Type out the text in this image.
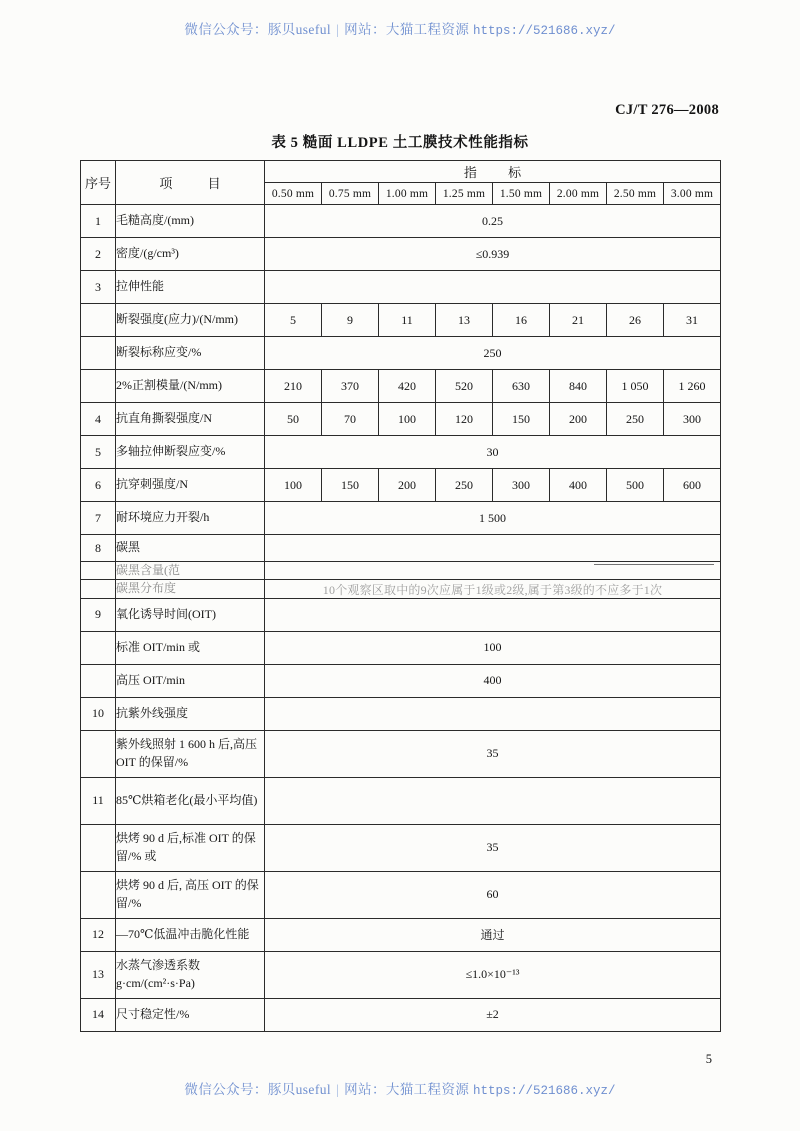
微信公众号：豚贝useful | 网站：大猫工程资源 https://521686.xyz/
CJ/T 276—2008
表 5 糙面 LLDPE 土工膜技术性能指标
序号	项 目	指 标							
		0.50 mm	0.75 mm	1.00 mm	1.25 mm	1.50 mm	2.00 mm	2.50 mm	3.00 mm
1	毛糙高度/(mm)	0.25							
2	密度/(g/cm³)	≤0.939							
3	拉伸性能								
	断裂强度(应力)/(N/mm)	5	9	11	13	16	21	26	31
	断裂标称应变/%	250							
	2%正割模量/(N/mm)	210	370	420	520	630	840	1 050	1 260
4	抗直角撕裂强度/N	50	70	100	120	150	200	250	300
5	多轴拉伸断裂应变/%	30							
6	抗穿刺强度/N	100	150	200	250	300	400	500	600
7	耐环境应力开裂/h	1 500							
8	碳黑								
	碳黑含量(范								

	碳黑分布度	10个观察区取中的9次应属于1级或2级,属于第3级的不应多于1次							
9	氧化诱导时间(OIT)								
	标准 OIT/min 或	100							
	高压 OIT/min	400							
10	抗紫外线强度								
	紫外线照射 1 600 h 后,高压 OIT 的保留/%	35							
11	85℃烘箱老化(最小平均值)								
	烘烤 90 d 后,标准 OIT 的保留/% 或	35							
	烘烤 90 d 后, 高压 OIT 的保留/%	60							
12	—70℃低温冲击脆化性能	通过							
13	水蒸气渗透系数 g·cm/(cm²·s·Pa)	≤1.0×10⁻¹³							
14	尺寸稳定性/%	±2							
5
微信公众号：豚贝useful | 网站：大猫工程资源 https://521686.xyz/
